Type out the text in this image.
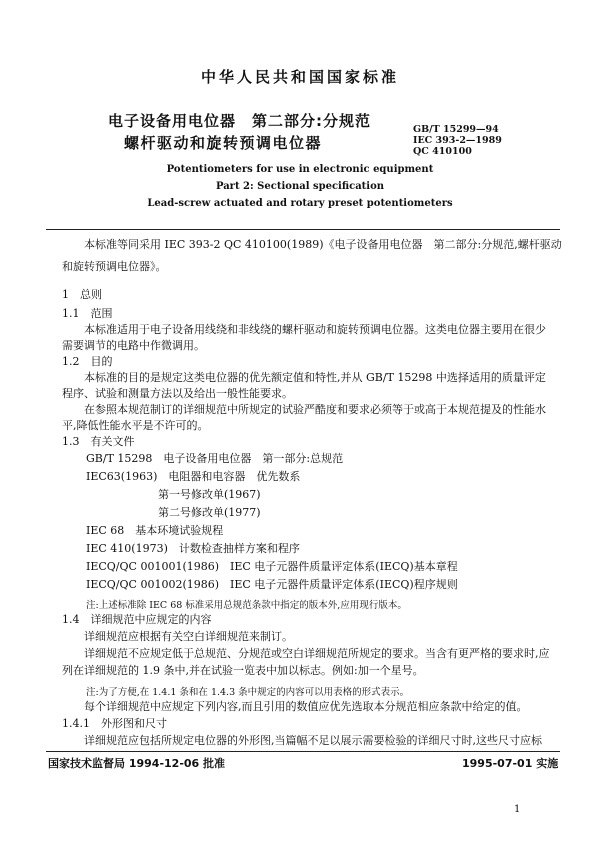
中华人民共和国国家标准
电子设备用电位器　第二部分:分规范
螺杆驱动和旋转预调电位器
GB/T 15299—94
IEC 393-2—1989
QC 410100
Potentiometers for use in electronic equipment
Part 2: Sectional specification
Lead-screw actuated and rotary preset potentiometers
本标准等同采用 IEC 393-2 QC 410100(1989)《电子设备用电位器　第二部分:分规范,螺杆驱动
和旋转预调电位器》。
1　总则
1.1　范围
本标准适用于电子设备用线绕和非线绕的螺杆驱动和旋转预调电位器。这类电位器主要用在很少
需要调节的电路中作微调用。
1.2　目的
本标准的目的是规定这类电位器的优先额定值和特性,并从 GB/T 15298 中选择适用的质量评定
程序、试验和测量方法以及给出一般性能要求。
在参照本规范制订的详细规范中所规定的试验严酷度和要求必须等于或高于本规范提及的性能水
平,降低性能水平是不许可的。
1.3　有关文件
GB/T 15298　电子设备用电位器　第一部分:总规范
IEC63(1963)　电阻器和电容器　优先数系
第一号修改单(1967)
第二号修改单(1977)
IEC 68　基本环境试验规程
IEC 410(1973)　计数检查抽样方案和程序
IECQ/QC 001001(1986)　IEC 电子元器件质量评定体系(IECQ)基本章程
IECQ/QC 001002(1986)　IEC 电子元器件质量评定体系(IECQ)程序规则
注:上述标准除 IEC 68 标准采用总规范条款中指定的版本外,应用现行版本。
1.4　详细规范中应规定的内容
详细规范应根据有关空白详细规范来制订。
详细规范不应规定低于总规范、分规范或空白详细规范所规定的要求。当含有更严格的要求时,应
列在详细规范的 1.9 条中,并在试验一览表中加以标志。例如:加一个星号。
注:为了方便,在 1.4.1 条和在 1.4.3 条中规定的内容可以用表格的形式表示。
每个详细规范中应规定下列内容,而且引用的数值应优先选取本分规范相应条款中给定的值。
1.4.1　外形图和尺寸
详细规范应包括所规定电位器的外形图,当篇幅不足以展示需要检验的详细尺寸时,这些尺寸应标
国家技术监督局 1994-12-06 批准	1995-07-01 实施
1
